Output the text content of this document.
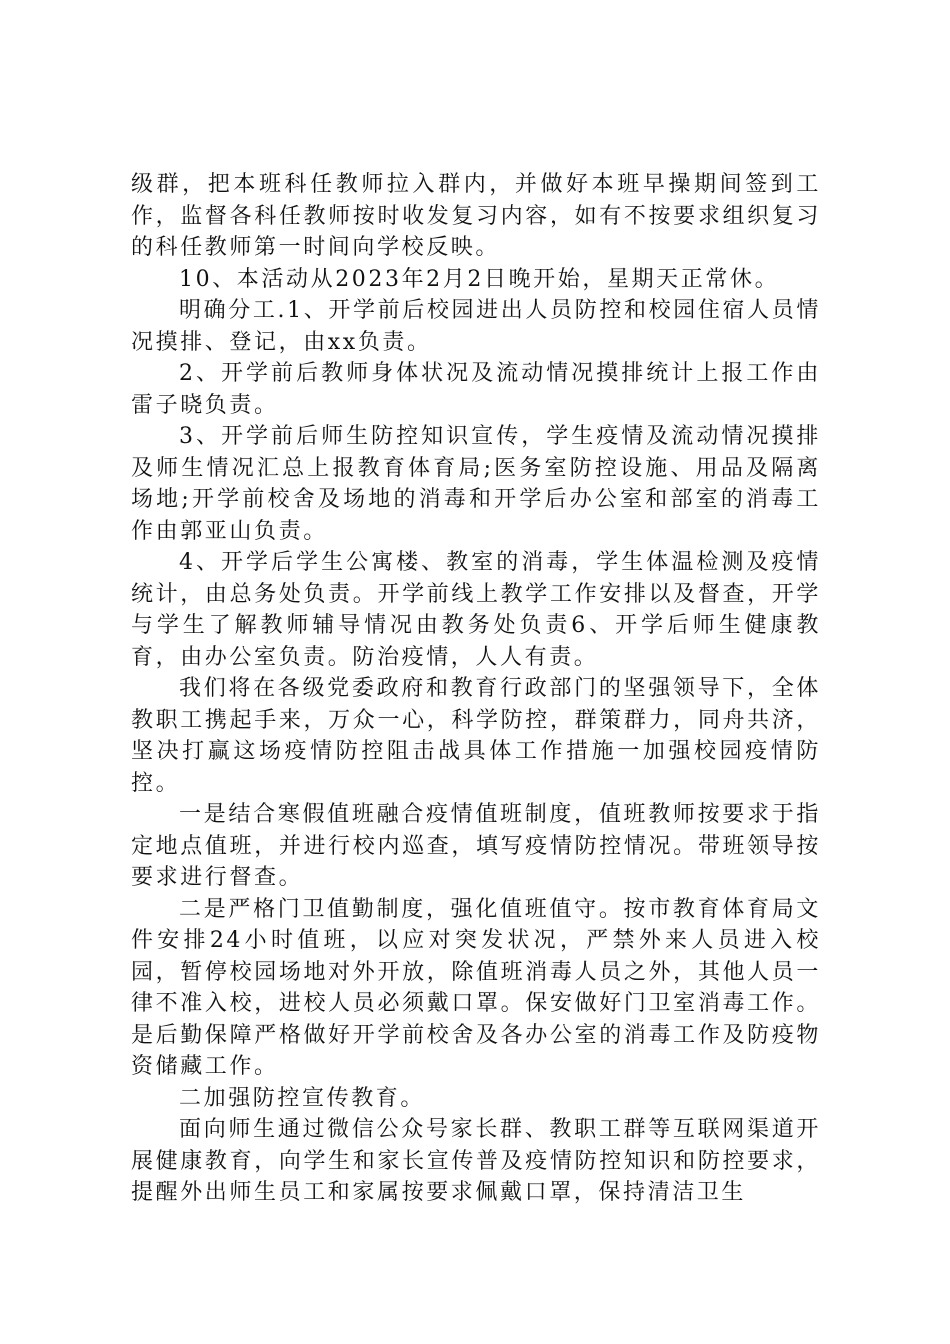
级群，把本班科任教师拉入群内，并做好本班早操期间签到工作，监督各科任教师按时收发复习内容，如有不按要求组织复习的科任教师第一时间向学校反映。

10、本活动从2023年2月2日晚开始，星期天正常休。

明确分工.1、开学前后校园进出人员防控和校园住宿人员情况摸排、登记，由xx负责。

2、开学前后教师身体状况及流动情况摸排统计上报工作由雷子晓负责。

3、开学前后师生防控知识宣传，学生疫情及流动情况摸排及师生情况汇总上报教育体育局;医务室防控设施、用品及隔离场地;开学前校舍及场地的消毒和开学后办公室和部室的消毒工作由郭亚山负责。

4、开学后学生公寓楼、教室的消毒，学生体温检测及疫情统计，由总务处负责。开学前线上教学工作安排以及督查，开学与学生了解教师辅导情况由教务处负责6、开学后师生健康教育，由办公室负责。防治疫情，人人有责。

我们将在各级党委政府和教育行政部门的坚强领导下，全体教职工携起手来，万众一心，科学防控，群策群力，同舟共济，坚决打赢这场疫情防控阻击战具体工作措施一加强校园疫情防控。

一是结合寒假值班融合疫情值班制度，值班教师按要求于指定地点值班，并进行校内巡查，填写疫情防控情况。带班领导按要求进行督查。

二是严格门卫值勤制度，强化值班值守。按市教育体育局文件安排24小时值班，以应对突发状况，严禁外来人员进入校园，暂停校园场地对外开放，除值班消毒人员之外，其他人员一律不准入校，进校人员必须戴口罩。保安做好门卫室消毒工作。是后勤保障严格做好开学前校舍及各办公室的消毒工作及防疫物资储藏工作。

二加强防控宣传教育。

面向师生通过微信公众号家长群、教职工群等互联网渠道开展健康教育，向学生和家长宣传普及疫情防控知识和防控要求，提醒外出师生员工和家属按要求佩戴口罩，保持清洁卫生
